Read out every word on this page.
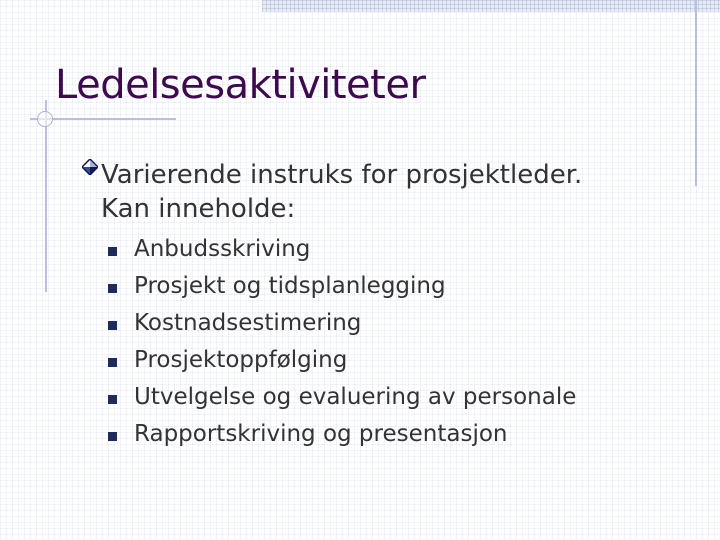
Ledelsesaktiviteter

Varierende instruks for prosjektleder.
Kan inneholde:

Anbudsskriving
Prosjekt og tidsplanlegging
Kostnadsestimering
Prosjektoppfølging
Utvelgelse og evaluering av personale
Rapportskriving og presentasjon
